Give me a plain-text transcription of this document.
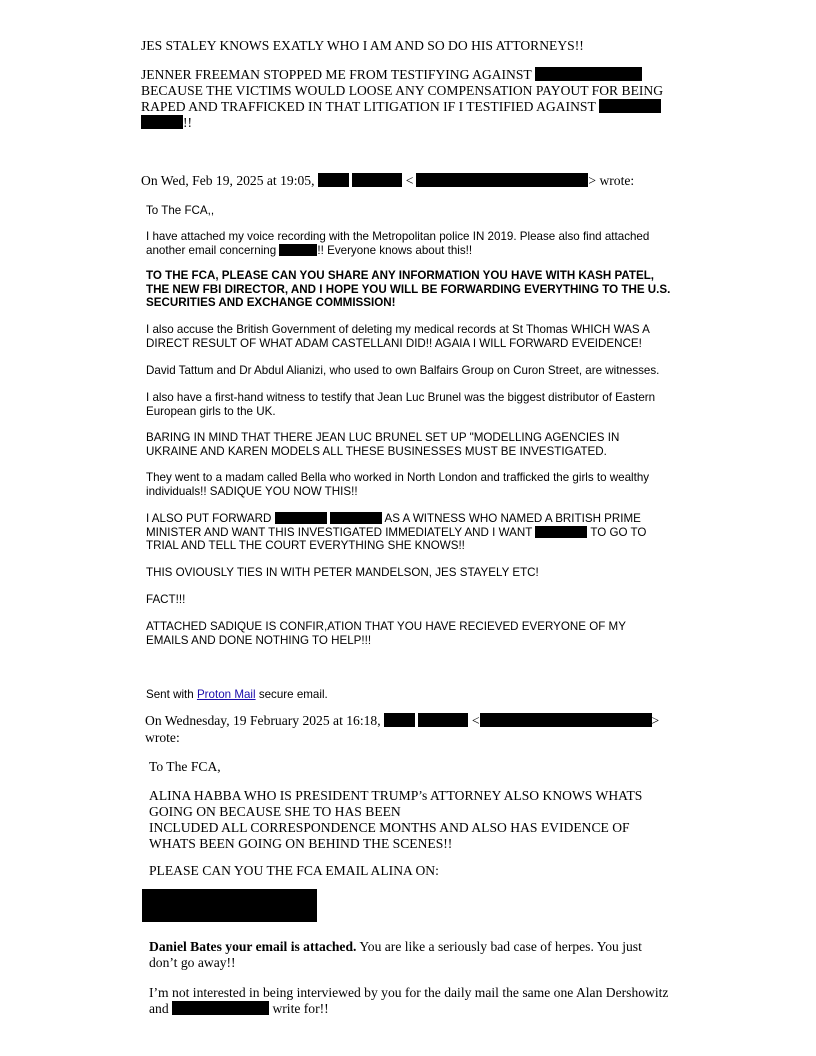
JES STALEY KNOWS EXATLY WHO I AM AND SO DO HIS ATTORNEYS!!
JENNER FREEMAN STOPPED ME FROM TESTIFYING AGAINST
BECAUSE THE VICTIMS WOULD LOOSE ANY COMPENSATION PAYOUT FOR BEING
RAPED AND TRAFFICKED IN THAT LITIGATION IF I TESTIFIED AGAINST
!!
On Wed, Feb 19, 2025 at 19:05,	<	> wrote:
To The FCA,,
I have attached my voice recording with the Metropolitan police IN 2019. Please also find attached
another email concerning	!! Everyone knows about this!!
TO THE FCA, PLEASE CAN YOU SHARE ANY INFORMATION YOU HAVE WITH KASH PATEL, THE NEW FBI DIRECTOR, AND I HOPE YOU WILL BE FORWARDING EVERYTHING TO THE U.S. SECURITIES AND EXCHANGE COMMISSION!
I also accuse the British Government of deleting my medical records at St Thomas WHICH WAS A DIRECT RESULT OF WHAT ADAM CASTELLANI DID!! AGAIA I WILL FORWARD EVEIDENCE!
David Tattum and Dr Abdul Alianizi, who used to own Balfairs Group on Curon Street, are witnesses.
I also have a first-hand witness to testify that Jean Luc Brunel was the biggest distributor of Eastern European girls to the UK.
BARING IN MIND THAT THERE JEAN LUC BRUNEL SET UP "MODELLING AGENCIES IN UKRAINE AND KAREN MODELS ALL THESE BUSINESSES MUST BE INVESTIGATED.
They went to a madam called Bella who worked in North London and trafficked the girls to wealthy individuals!! SADIQUE YOU NOW THIS!!
I ALSO PUT FORWARD	AS A WITNESS WHO NAMED A BRITISH PRIME
MINISTER AND WANT THIS INVESTIGATED IMMEDIATELY AND I WANT	TO GO TO
TRIAL AND TELL THE COURT EVERYTHING SHE KNOWS!!
THIS OVIOUSLY TIES IN WITH PETER MANDELSON, JES STAYELY ETC!
FACT!!!
ATTACHED SADIQUE IS CONFIR,ATION THAT YOU HAVE RECIEVED EVERYONE OF MY EMAILS AND DONE NOTHING TO HELP!!!
Sent with Proton Mail secure email.
On Wednesday, 19 February 2025 at 16:18,	<	>
wrote:
To The FCA,
ALINA HABBA WHO IS PRESIDENT TRUMP’s ATTORNEY ALSO KNOWS WHATS
GOING ON BECAUSE SHE TO HAS BEEN
INCLUDED ALL CORRESPONDENCE MONTHS AND ALSO HAS EVIDENCE OF
WHATS BEEN GOING ON BEHIND THE SCENES!!
PLEASE CAN YOU THE FCA EMAIL ALINA ON:
Daniel Bates your email is attached. You are like a seriously bad case of herpes. You just
don’t go away!!
I’m not interested in being interviewed by you for the daily mail the same one Alan Dershowitz
and	write for!!
